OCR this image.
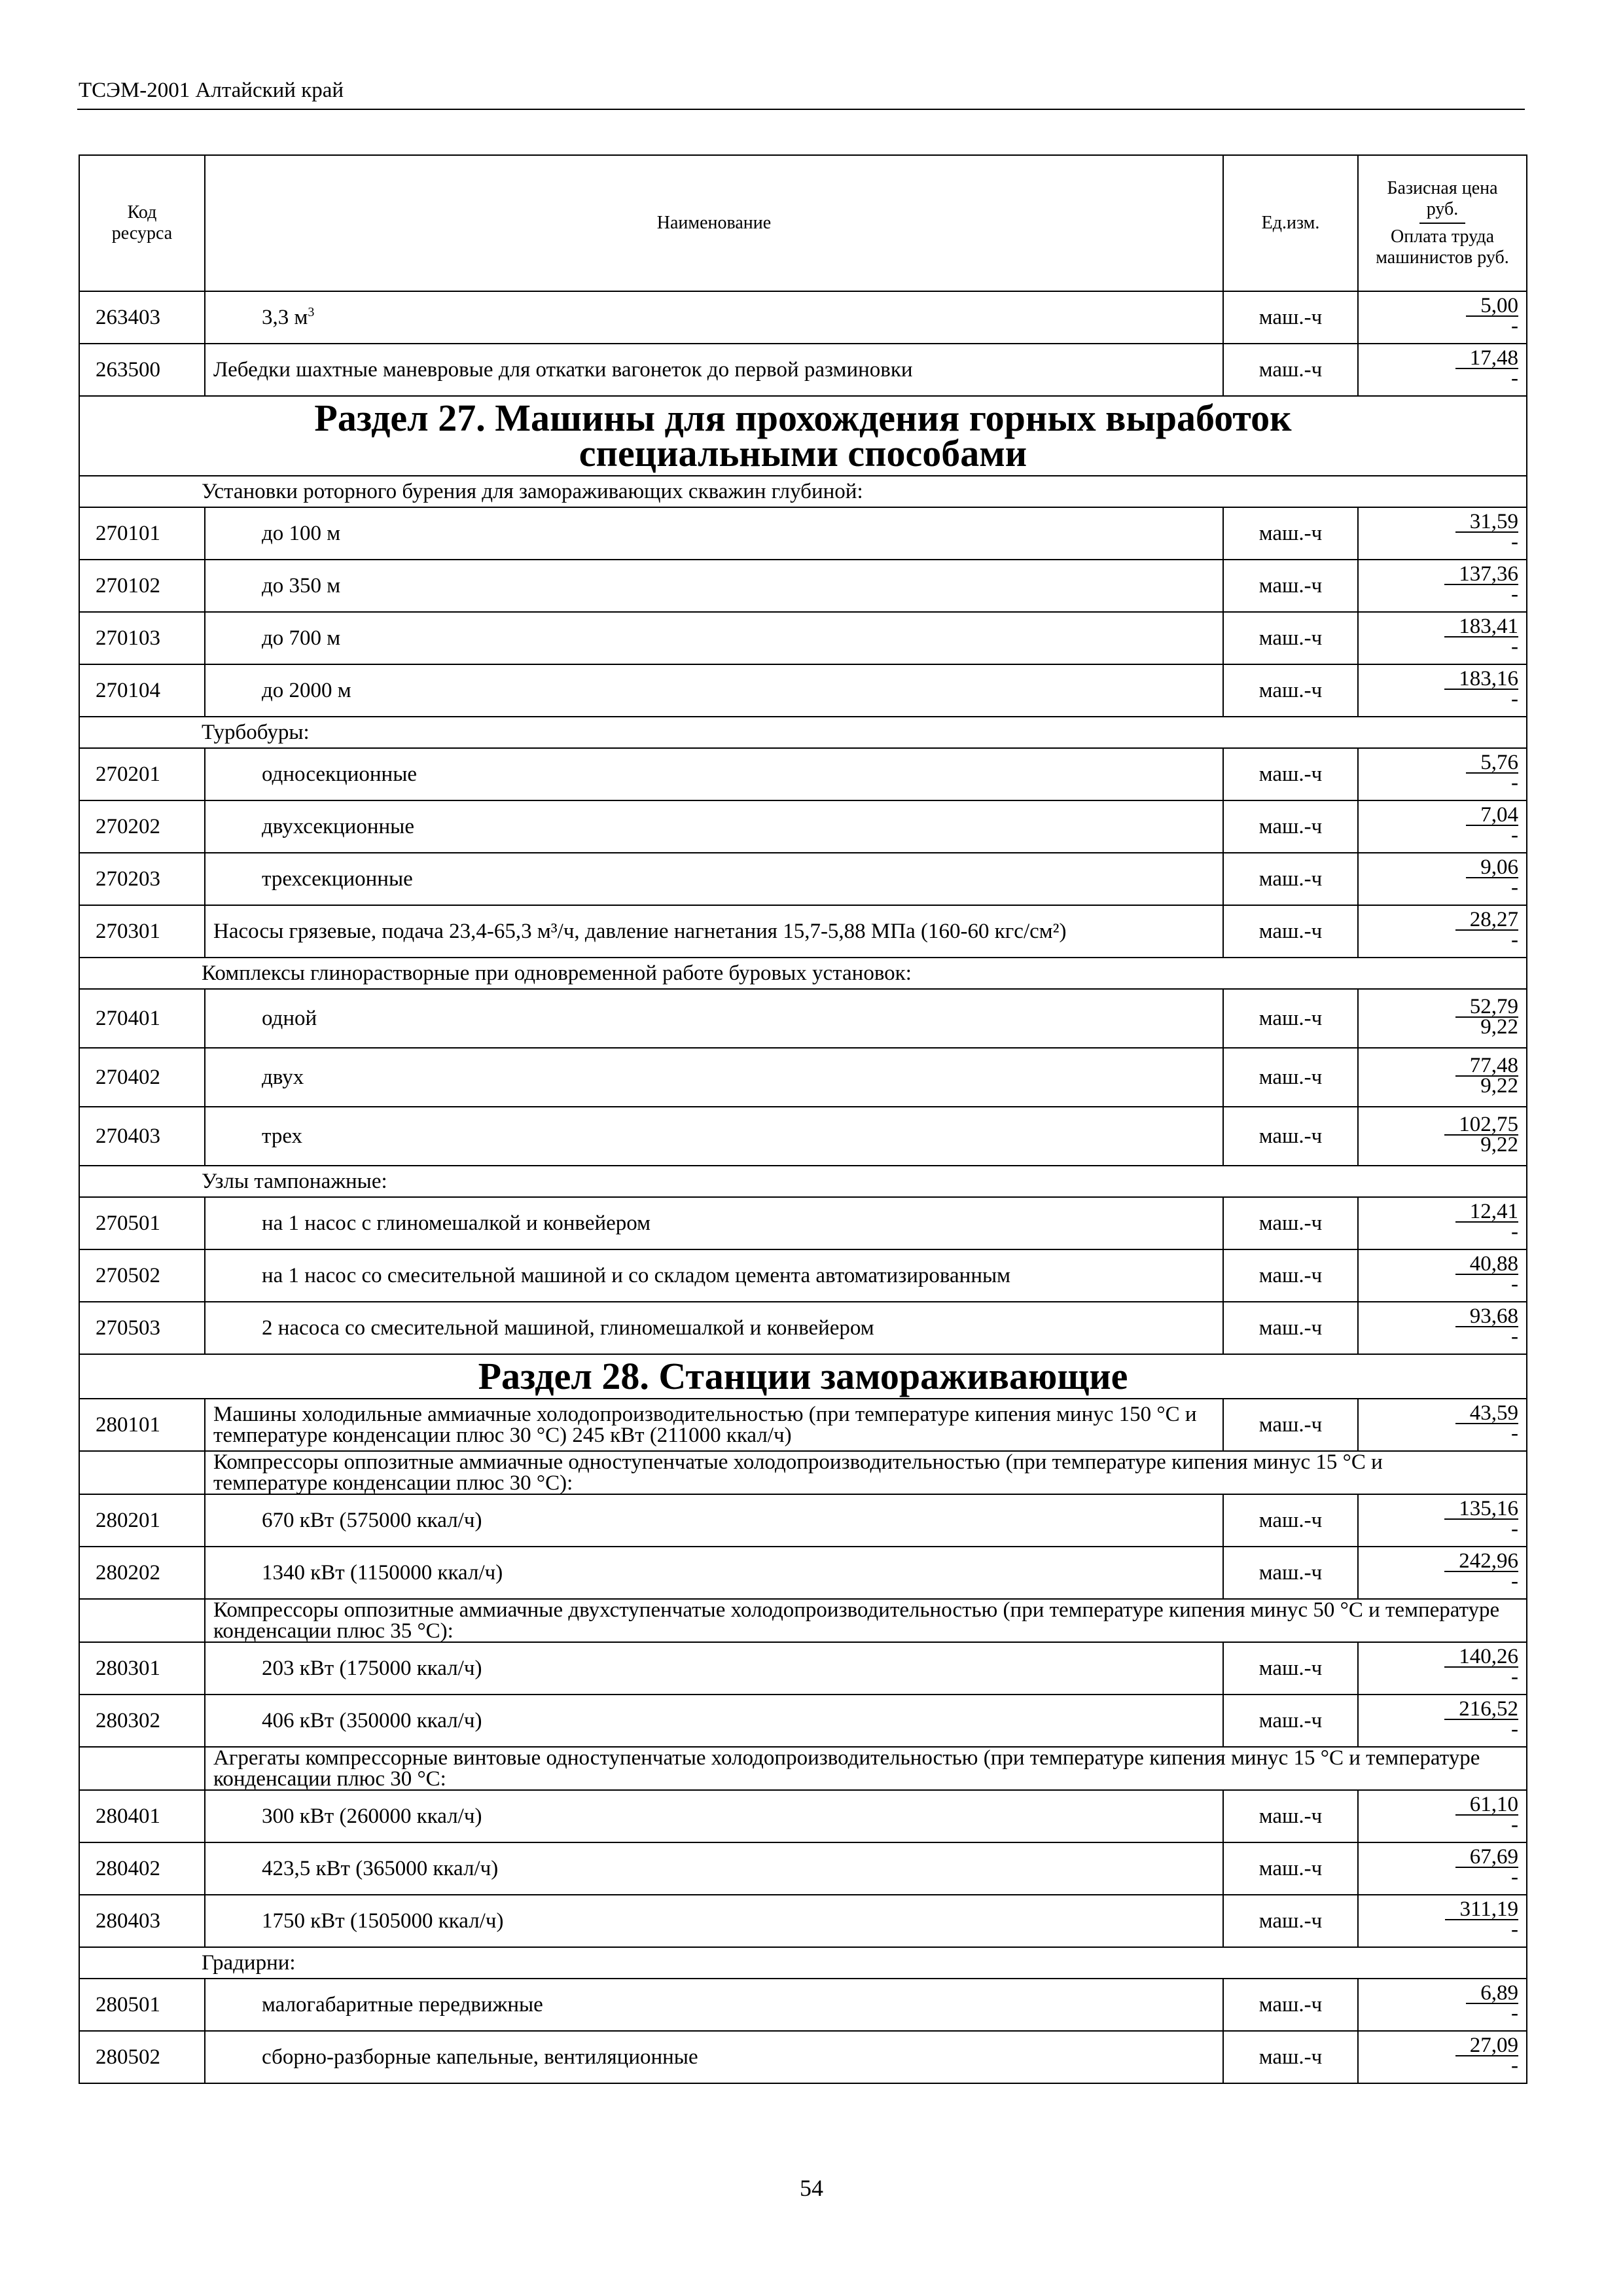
ТСЭМ-2001 Алтайский край
Код ресурса	Наименование	Ед.изм.	Базисная цена руб.
Оплата труда машинистов руб.

263403	3,3 $м^3$	маш.-ч	5,00
-

263500	Лебедки шахтные маневровые для откатки вагонеток до первой разминовки	маш.-ч	17,48
-

Раздел 27. Машины для прохождения горных выработок специальными способами			
Установки роторного бурения для замораживающих скважин глубиной:			
270101	до 100 м	маш.-ч	31,59
-

270102	до 350 м	маш.-ч	137,36
-

270103	до 700 м	маш.-ч	183,41
-

270104	до 2000 м	маш.-ч	183,16
-

Турбобуры:			
270201	односекционные	маш.-ч	5,76
-

270202	двухсекционные	маш.-ч	7,04
-

270203	трехсекционные	маш.-ч	9,06
-

270301	Насосы грязевые, подача 23,4-65,3 м³/ч, давление нагнетания 15,7-5,88 МПа (160-60 кгс/см²)	маш.-ч	28,27
-

Комплексы глинорастворные при одновременной работе буровых установок:			
270401	одной	маш.-ч	$\frac{52,79}{9,22}$

270402	двух	маш.-ч	$\frac{77,48}{9,22}$

270403	трех	маш.-ч	$\frac{102,75}{9,22}$

Узлы тампонажные:			
270501	на 1 насос с глиномешалкой и конвейером	маш.-ч	12,41
-

270502	на 1 насос со смесительной машиной и со складом цемента автоматизированным	маш.-ч	40,88
-

270503	2 насоса со смесительной машиной, глиномешалкой и конвейером	маш.-ч	93,68
-

Раздел 28. Станции замораживающие			
280101	Машины холодильные аммиачные холодопроизводительностью (при температуре кипения минус 150 °С и температуре конденсации плюс 30 °С) 245 кВт (211000 ккал/ч)	маш.-ч	43,59
-

	Компрессоры оппозитные аммиачные одноступенчатые холодопроизводительностью (при температуре кипения минус 15 °С и температуре конденсации плюс 30 °С):		
280201	670 кВт (575000 ккал/ч)	маш.-ч	135,16
-

280202	1340 кВт (1150000 ккал/ч)	маш.-ч	242,96
-

	Компрессоры оппозитные аммиачные двухступенчатые холодопроизводительностью (при температуре кипения минус 50 °С и температуре конденсации плюс 35 °С):		
280301	203 кВт (175000 ккал/ч)	маш.-ч	140,26
-

280302	406 кВт (350000 ккал/ч)	маш.-ч	216,52
-

	Агрегаты компрессорные винтовые одноступенчатые холодопроизводительностью (при температуре кипения минус 15 °С и температуре конденсации плюс 30 °С:		
280401	300 кВт (260000 ккал/ч)	маш.-ч	61,10
-

280402	423,5 кВт (365000 ккал/ч)	маш.-ч	67,69
-

280403	1750 кВт (1505000 ккал/ч)	маш.-ч	311,19
-

Градирни:			
280501	малогабаритные передвижные	маш.-ч	6,89
-

280502	сборно-разборные капельные, вентиляционные	маш.-ч	27,09
-
54
